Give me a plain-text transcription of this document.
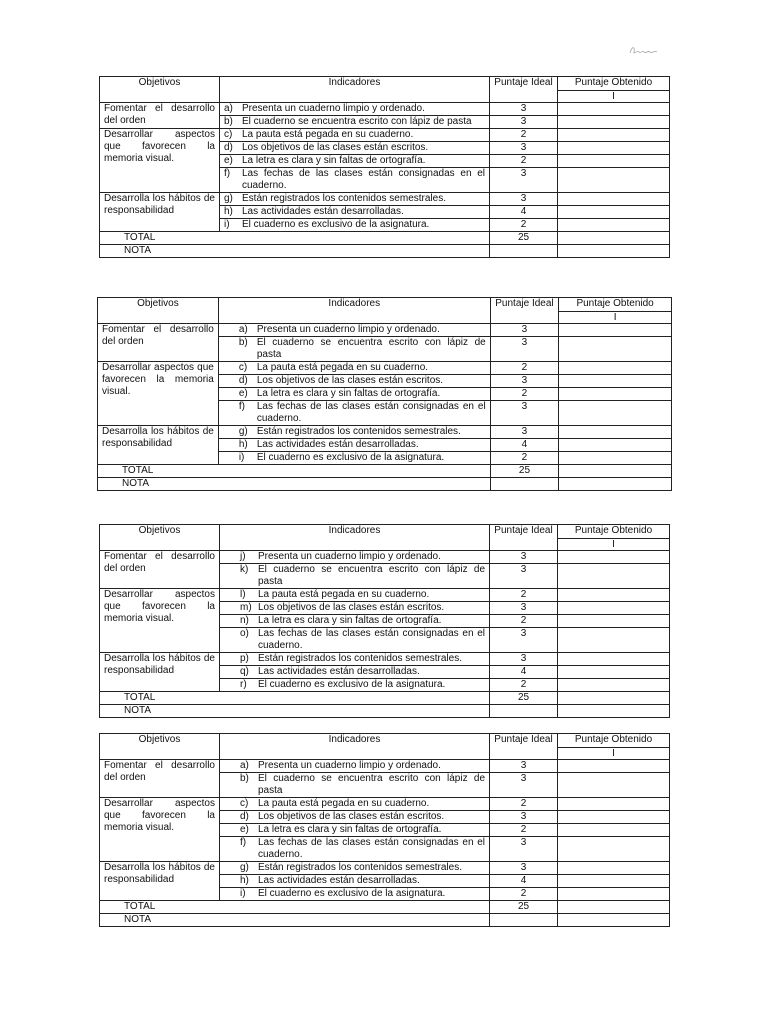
Objetivos	Indicadores	Puntaje Ideal	Puntaje Obtenido
I

Fomentar el desarrollo del orden	a) Presenta un cuaderno limpio y ordenado.	3	

	b) El cuaderno se encuentra escrito con lápiz de pasta	3	
Desarrollar aspectos que favorecen la memoria visual.	c) La pauta está pegada en su cuaderno.	2	

	d) Los objetivos de las clases están escritos.	3	

	e) La letra es clara y sin faltas de ortografía.	2	

	f) Las fechas de las clases están consignadas en el cuaderno.	3	
Desarrolla los hábitos de responsabilidad	g) Están registrados los contenidos semestrales.	3	

	h) Las actividades están desarrolladas.	4	

	i) El cuaderno es exclusivo de la asignatura.	2	
TOTAL		25	
NOTA			
Objetivos	Indicadores	Puntaje Ideal	Puntaje Obtenido
I

Fomentar el desarrollo del orden	a) Presenta un cuaderno limpio y ordenado.	3	

	b) El cuaderno se encuentra escrito con lápiz de pasta	3	
Desarrollar aspectos que favorecen la memoria visual.	c) La pauta está pegada en su cuaderno.	2	

	d) Los objetivos de las clases están escritos.	3	

	e) La letra es clara y sin faltas de ortografía.	2	

	f) Las fechas de las clases están consignadas en el cuaderno.	3	
Desarrolla los hábitos de responsabilidad	g) Están registrados los contenidos semestrales.	3	

	h) Las actividades están desarrolladas.	4	

	i) El cuaderno es exclusivo de la asignatura.	2	
TOTAL		25	
NOTA			
Objetivos	Indicadores	Puntaje Ideal	Puntaje Obtenido
I

Fomentar el desarrollo del orden	j) Presenta un cuaderno limpio y ordenado.	3	

	k) El cuaderno se encuentra escrito con lápiz de pasta	3	
Desarrollar aspectos que favorecen la memoria visual.	l) La pauta está pegada en su cuaderno.	2	

	m) Los objetivos de las clases están escritos.	3	

	n) La letra es clara y sin faltas de ortografía.	2	

	o) Las fechas de las clases están consignadas en el cuaderno.	3	
Desarrolla los hábitos de responsabilidad	p) Están registrados los contenidos semestrales.	3	

	q) Las actividades están desarrolladas.	4	

	r) El cuaderno es exclusivo de la asignatura.	2	
TOTAL		25	
NOTA			
Objetivos	Indicadores	Puntaje Ideal	Puntaje Obtenido
I

Fomentar el desarrollo del orden	a) Presenta un cuaderno limpio y ordenado.	3	

	b) El cuaderno se encuentra escrito con lápiz de pasta	3	
Desarrollar aspectos que favorecen la memoria visual.	c) La pauta está pegada en su cuaderno.	2	

	d) Los objetivos de las clases están escritos.	3	

	e) La letra es clara y sin faltas de ortografía.	2	

	f) Las fechas de las clases están consignadas en el cuaderno.	3	
Desarrolla los hábitos de responsabilidad	g) Están registrados los contenidos semestrales.	3	

	h) Las actividades están desarrolladas.	4	

	i) El cuaderno es exclusivo de la asignatura.	2	
TOTAL		25	
NOTA			
